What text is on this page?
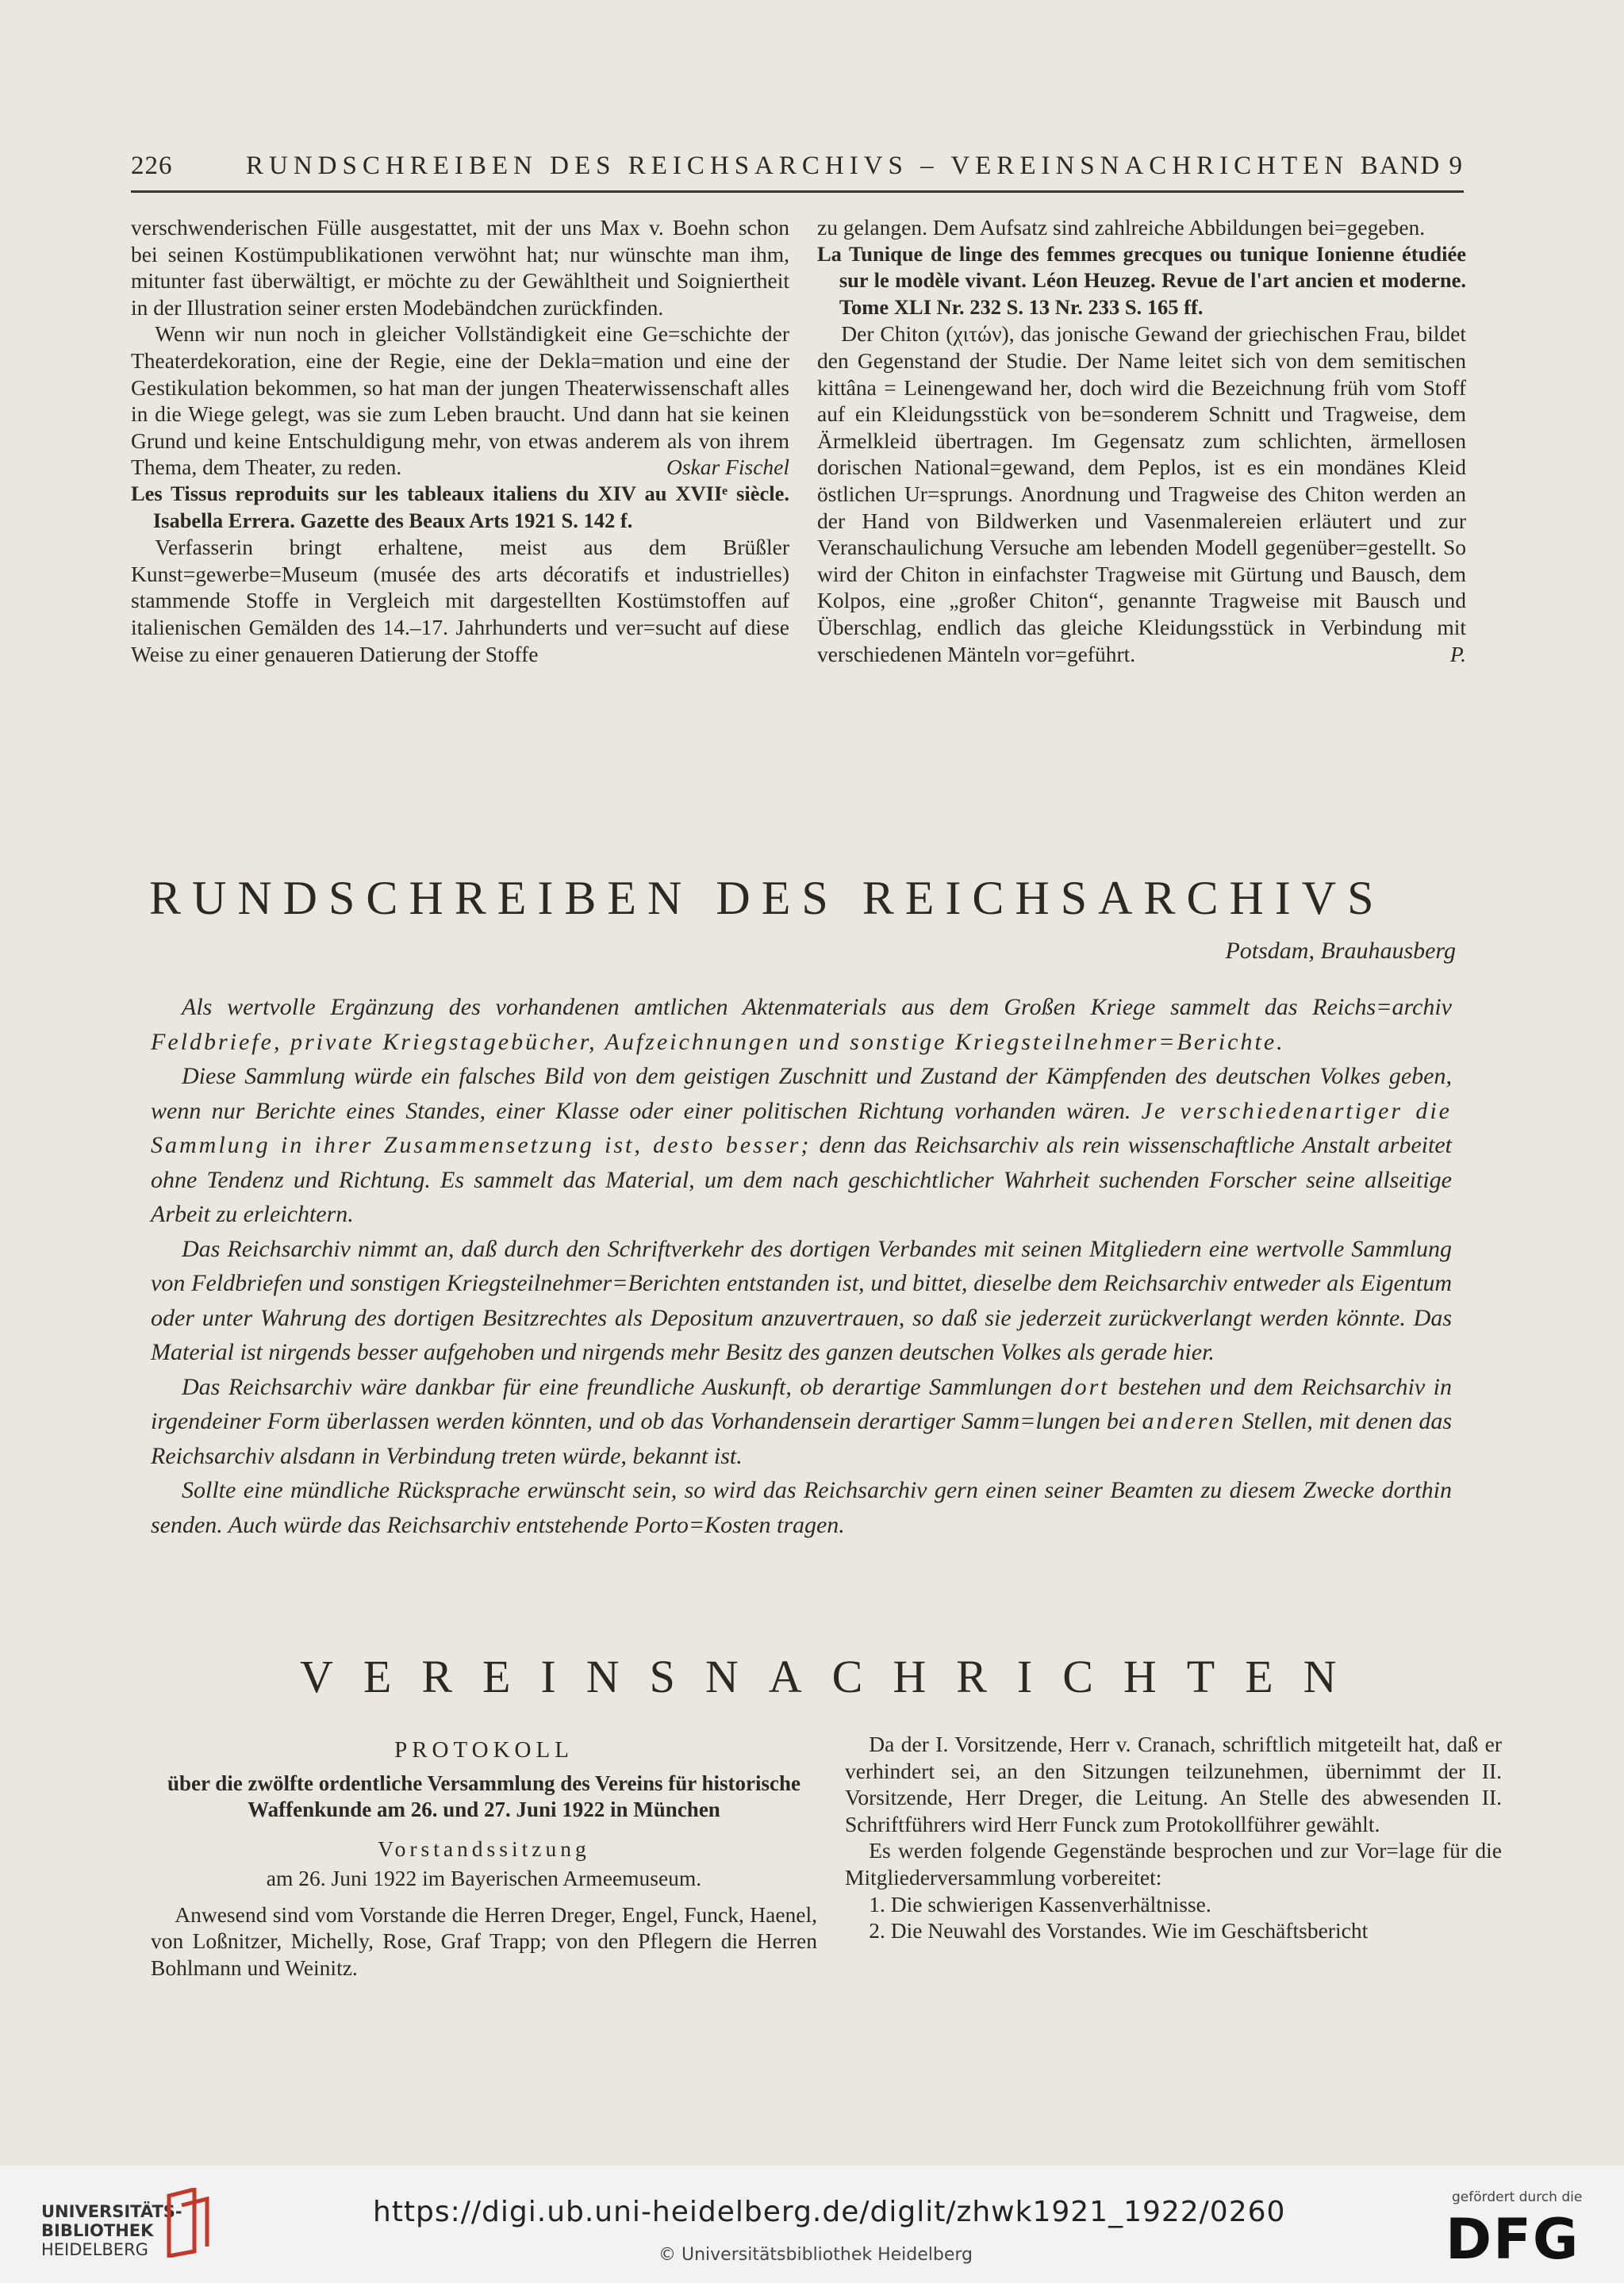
226	RUNDSCHREIBEN DES REICHSARCHIVS – VEREINSNACHRICHTEN BAND 9

verschwenderischen Fülle ausgestattet, mit der uns Max v. Boehn schon bei seinen Kostümpublikationen verwöhnt hat; nur wünschte man ihm, mitunter fast überwältigt, er möchte zu der Gewähltheit und Soigniertheit in der Illustration seiner ersten Modebändchen zurückfinden.

Wenn wir nun noch in gleicher Vollständigkeit eine Ge=schichte der Theaterdekoration, eine der Regie, eine der Dekla=mation und eine der Gestikulation bekommen, so hat man der jungen Theaterwissenschaft alles in die Wiege gelegt, was sie zum Leben braucht. Und dann hat sie keinen Grund und keine Entschuldigung mehr, von etwas anderem als von ihrem Thema, dem Theater, zu reden.	Oskar Fischel

Les Tissus reproduits sur les tableaux italiens du XIV au XVIIᵉ siècle. Isabella Errera. Gazette des Beaux Arts 1921 S. 142 f.

Verfasserin bringt erhaltene, meist aus dem Brüßler Kunst=gewerbe=Museum (musée des arts décoratifs et industrielles) stammende Stoffe in Vergleich mit dargestellten Kostümstoffen auf italienischen Gemälden des 14.–17. Jahrhunderts und ver=sucht auf diese Weise zu einer genaueren Datierung der Stoffe

zu gelangen. Dem Aufsatz sind zahlreiche Abbildungen bei=gegeben.

La Tunique de linge des femmes grecques ou tunique Ionienne étudiée sur le modèle vivant. Léon Heuzeg. Revue de l'art ancien et moderne. Tome XLI Nr. 232 S. 13 Nr. 233 S. 165 ff.

Der Chiton (χιτών), das jonische Gewand der griechischen Frau, bildet den Gegenstand der Studie. Der Name leitet sich von dem semitischen kittâna = Leinengewand her, doch wird die Bezeichnung früh vom Stoff auf ein Kleidungsstück von be=sonderem Schnitt und Tragweise, dem Ärmelkleid übertragen. Im Gegensatz zum schlichten, ärmellosen dorischen National=gewand, dem Peplos, ist es ein mondänes Kleid östlichen Ur=sprungs. Anordnung und Tragweise des Chiton werden an der Hand von Bildwerken und Vasenmalereien erläutert und zur Veranschaulichung Versuche am lebenden Modell gegenüber=gestellt. So wird der Chiton in einfachster Tragweise mit Gürtung und Bausch, dem Kolpos, eine „großer Chiton“, genannte Tragweise mit Bausch und Überschlag, endlich das gleiche Kleidungsstück in Verbindung mit verschiedenen Mänteln vor=geführt.	P.
RUNDSCHREIBEN DES REICHSARCHIVS
Potsdam, Brauhausberg

Als wertvolle Ergänzung des vorhandenen amtlichen Aktenmaterials aus dem Großen Kriege sammelt das Reichs=archiv Feldbriefe, private Kriegstagebücher, Aufzeichnungen und sonstige Kriegsteilnehmer=Berichte.

Diese Sammlung würde ein falsches Bild von dem geistigen Zuschnitt und Zustand der Kämpfenden des deutschen Volkes geben, wenn nur Berichte eines Standes, einer Klasse oder einer politischen Richtung vorhanden wären. Je verschiedenartiger die Sammlung in ihrer Zusammensetzung ist, desto besser; denn das Reichsarchiv als rein wissenschaftliche Anstalt arbeitet ohne Tendenz und Richtung. Es sammelt das Material, um dem nach geschichtlicher Wahrheit suchenden Forscher seine allseitige Arbeit zu erleichtern.

Das Reichsarchiv nimmt an, daß durch den Schriftverkehr des dortigen Verbandes mit seinen Mitgliedern eine wertvolle Sammlung von Feldbriefen und sonstigen Kriegsteilnehmer=Berichten entstanden ist, und bittet, dieselbe dem Reichsarchiv entweder als Eigentum oder unter Wahrung des dortigen Besitzrechtes als Depositum anzuvertrauen, so daß sie jederzeit zurückverlangt werden könnte. Das Material ist nirgends besser aufgehoben und nirgends mehr Besitz des ganzen deutschen Volkes als gerade hier.

Das Reichsarchiv wäre dankbar für eine freundliche Auskunft, ob derartige Sammlungen dort bestehen und dem Reichsarchiv in irgendeiner Form überlassen werden könnten, und ob das Vorhandensein derartiger Samm=lungen bei anderen Stellen, mit denen das Reichsarchiv alsdann in Verbindung treten würde, bekannt ist.

Sollte eine mündliche Rücksprache erwünscht sein, so wird das Reichsarchiv gern einen seiner Beamten zu diesem Zwecke dorthin senden. Auch würde das Reichsarchiv entstehende Porto=Kosten tragen.

VEREINSNACHRICHTEN
PROTOKOLL
über die zwölfte ordentliche Versammlung des Vereins für historische Waffenkunde am 26. und 27. Juni 1922 in München
Vorstandssitzung
am 26. Juni 1922 im Bayerischen Armeemuseum.

Anwesend sind vom Vorstande die Herren Dreger, Engel, Funck, Haenel, von Loßnitzer, Michelly, Rose, Graf Trapp; von den Pflegern die Herren Bohlmann und Weinitz.

Da der I. Vorsitzende, Herr v. Cranach, schriftlich mitgeteilt hat, daß er verhindert sei, an den Sitzungen teilzunehmen, übernimmt der II. Vorsitzende, Herr Dreger, die Leitung. An Stelle des abwesenden II. Schriftführers wird Herr Funck zum Protokollführer gewählt.

Es werden folgende Gegenstände besprochen und zur Vor=lage für die Mitgliederversammlung vorbereitet:

1. Die schwierigen Kassenverhältnisse.

2. Die Neuwahl des Vorstandes. Wie im Geschäftsbericht

UNIVERSITÄTS-
BIBLIOTHEK
HEIDELBERG
https://digi.ub.uni-heidelberg.de/diglit/zhwk1921_1922/0260
© Universitätsbibliothek Heidelberg
gefördert durch die
DFG
